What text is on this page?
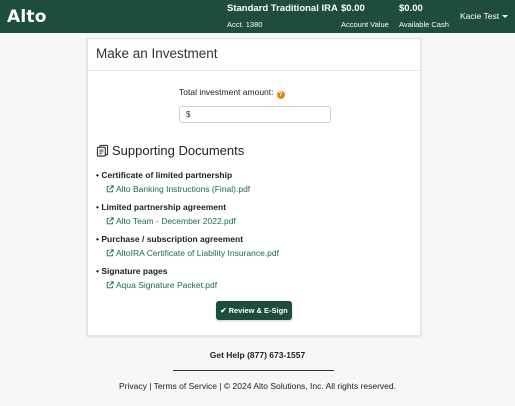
Alto	Standard Traditional IRA
Acct. 1380
$0.00
Account Value
$0.00
Available Cash
Kacie Test
Make an Investment
Total investment amount: ?
$
Supporting Documents
• Certificate of limited partnership
Alto Banking Instructions (Final).pdf
• Limited partnership agreement
Alto Team - December 2022.pdf
• Purchase / subscription agreement
AltoIRA Certificate of Liability Insurance.pdf
• Signature pages
Aqua Signature Packet.pdf
✔ Review & E-Sign
Get Help (877) 673-1557
Privacy | Terms of Service | © 2024 Alto Solutions, Inc. All rights reserved.
